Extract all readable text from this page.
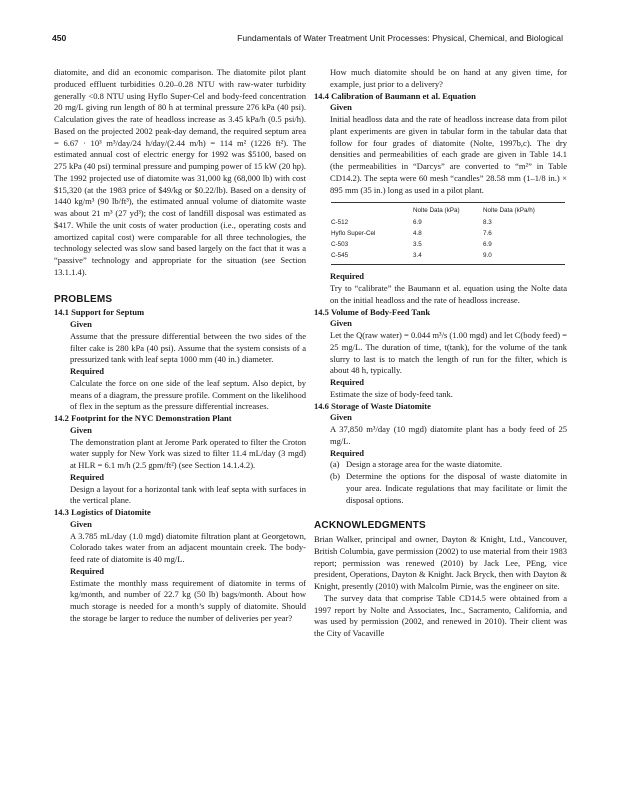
450	Fundamentals of Water Treatment Unit Processes: Physical, Chemical, and Biological

diatomite, and did an economic comparison. The diatomite pilot plant produced effluent turbidities 0.20–0.28 NTU with raw-water turbidity generally <0.8 NTU using Hyflo Super-Cel and body-feed concentration 20 mg/L giving run length of 80 h at terminal pressure 276 kPa (40 psi). Calculation gives the rate of headloss increase as 3.45 kPa/h (0.5 psi/h). Based on the projected 2002 peak-day demand, the required septum area = 6.67 · 10³ m³/day/24 h/day/(2.44 m/h) = 114 m² (1226 ft²). The estimated annual cost of electric energy for 1992 was $5100, based on 275 kPa (40 psi) terminal pressure and pumping power of 15 kW (20 hp). The 1992 projected use of diatomite was 31,000 kg (68,000 lb) with cost $15,320 (at the 1983 price of $49/kg or $0.22/lb). Based on a density of 1440 kg/m³ (90 lb/ft³), the estimated annual volume of diatomite waste was about 21 m³ (27 yd³); the cost of landfill disposal was estimated as $417. While the unit costs of water production (i.e., operating costs and amortized capital cost) were comparable for all three technologies, the technology selected was slow sand based largely on the fact that it was a “passive” technology and appropriate for the situation (see Section 13.1.1.4).

PROBLEMS

14.1 Support for Septum

Given

Assume that the pressure differential between the two sides of the filter cake is 280 kPa (40 psi). Assume that the system consists of a pressurized tank with leaf septa 1000 mm (40 in.) diameter.

Required

Calculate the force on one side of the leaf septum. Also depict, by means of a diagram, the pressure profile. Comment on the likelihood of flex in the septum as the pressure differential increases.

14.2 Footprint for the NYC Demonstration Plant

Given

The demonstration plant at Jerome Park operated to filter the Croton water supply for New York was sized to filter 11.4 mL/day (3 mgd) at HLR = 6.1 m/h (2.5 gpm/ft²) (see Section 14.1.4.2).

Required

Design a layout for a horizontal tank with leaf septa with surfaces in the vertical plane.

14.3 Logistics of Diatomite

Given

A 3.785 mL/day (1.0 mgd) diatomite filtration plant at Georgetown, Colorado takes water from an adjacent mountain creek. The body-feed rate of diatomite is 40 mg/L.

Required

Estimate the monthly mass requirement of diatomite in terms of kg/month, and number of 22.7 kg (50 lb) bags/month. About how much storage is needed for a month’s supply of diatomite. Should the storage be larger to reduce the number of deliveries per year?

How much diatomite should be on hand at any given time, for example, just prior to a delivery?

14.4 Calibration of Baumann et al. Equation

Given

Initial headloss data and the rate of headloss increase data from pilot plant experiments are given in tabular form in the tabular data that follow for four grades of diatomite (Nolte, 1997b,c). The dry densities and permeabilities of each grade are given in Table 14.1 (the permeabilities in “Darcys” are converted to “m²” in Table CD14.2). The septa were 60 mesh “candles” 28.58 mm (1–1/8 in.) × 895 mm (35 in.) long as used in a pilot plant.

	Nolte Data (kPa)	Nolte Data (kPa/h)
C-512	6.9	8.3
Hyflo Super-Cel	4.8	7.6
C-503	3.5	6.9
C-545	3.4	9.0

Required

Try to “calibrate” the Baumann et al. equation using the Nolte data on the initial headloss and the rate of headloss increase.

14.5 Volume of Body-Feed Tank

Given

Let the Q(raw water) = 0.044 m³/s (1.00 mgd) and let C(body feed) = 25 mg/L. The duration of time, t(tank), for the volume of the tank slurry to last is to match the length of run for the filter, which is about 48 h, typically.

Required

Estimate the size of body-feed tank.

14.6 Storage of Waste Diatomite

Given

A 37,850 m³/day (10 mgd) diatomite plant has a body feed of 25 mg/L.

Required

(a) Design a storage area for the waste diatomite.

(b) Determine the options for the disposal of waste diatomite in your area. Indicate regulations that may facilitate or limit the disposal options.

ACKNOWLEDGMENTS

Brian Walker, principal and owner, Dayton & Knight, Ltd., Vancouver, British Columbia, gave permission (2002) to use material from their 1983 report; permission was renewed (2010) by Jack Lee, PEng, vice president, Operations, Dayton & Knight. Jack Bryck, then with Dayton & Knight, presently (2010) with Malcolm Pirnie, was the engineer on site.

The survey data that comprise Table CD14.5 were obtained from a 1997 report by Nolte and Associates, Inc., Sacramento, California, and was used by permission (2002, and renewed in 2010). Their client was the City of Vacaville
